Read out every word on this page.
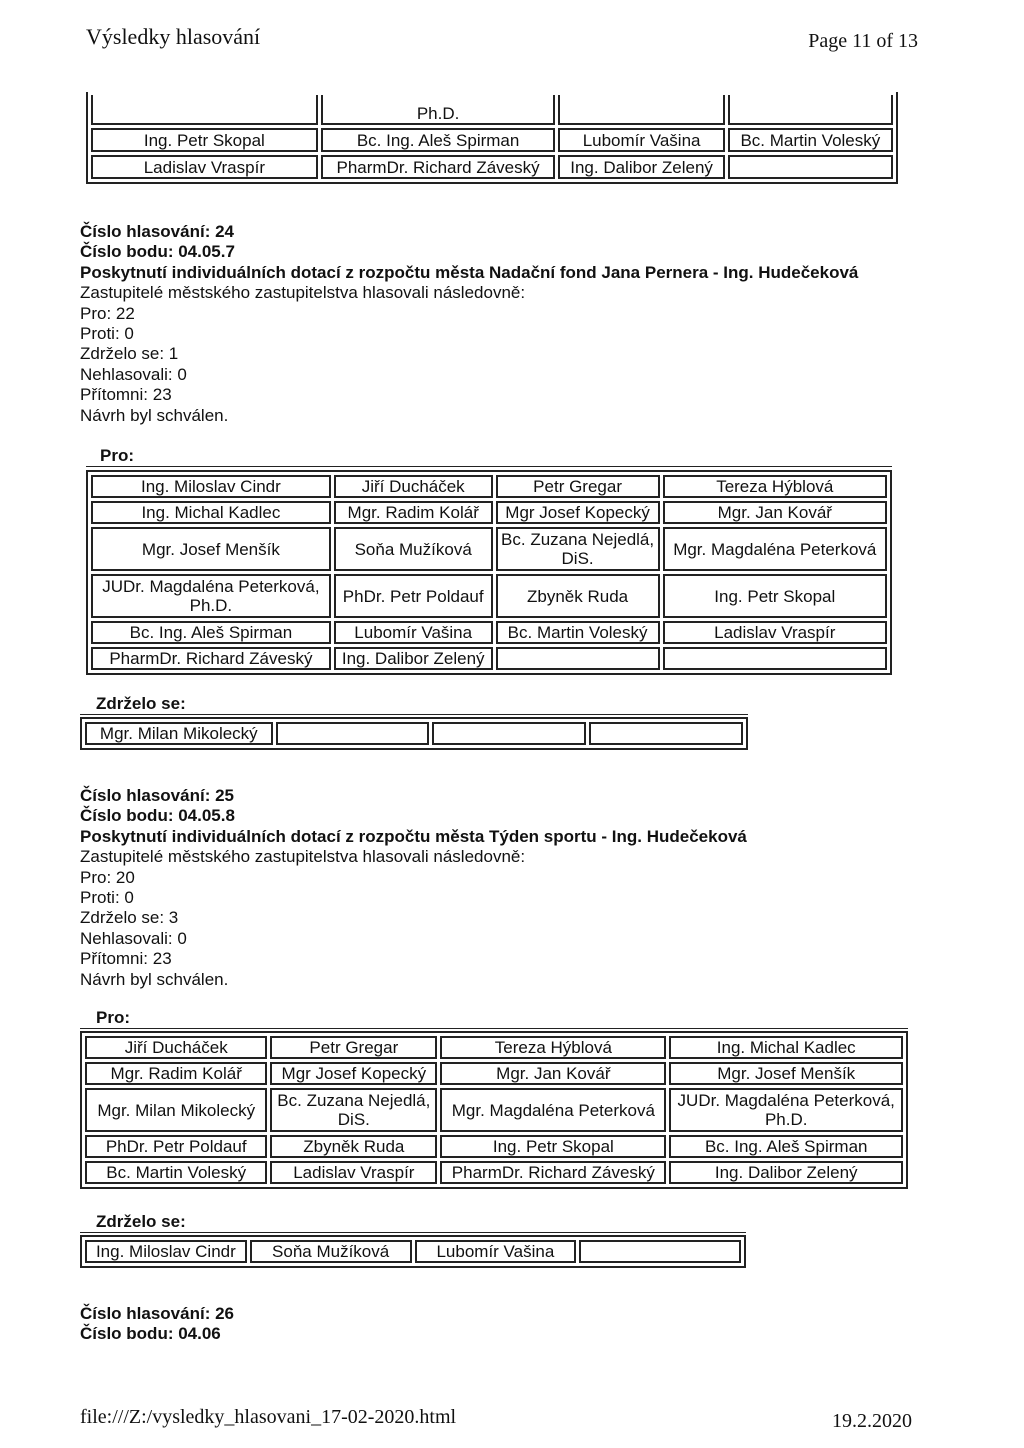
Výsledky hlasování	Page 11 of 13

	Ph.D.		

Ing. Petr Skopal	Bc. Ing. Aleš Spirman	Lubomír Vašina	Bc. Martin Voleský

Ladislav Vraspír	PharmDr. Richard Záveský	Ing. Dalibor Zelený	

Číslo hlasování: 24
Číslo bodu: 04.05.7
Poskytnutí individuálních dotací z rozpočtu města Nadační fond Jana Pernera - Ing. Hudečeková
Zastupitelé městského zastupitelstva hlasovali následovně:
Pro: 22
Proti: 0
Zdrželo se: 1
Nehlasovali: 0
Přítomni: 23
Návrh byl schválen.
Pro:
Ing. Miloslav Cindr	Jiří Ducháček	Petr Gregar	Tereza Hýblová

Ing. Michal Kadlec	Mgr. Radim Kolář	Mgr Josef Kopecký	Mgr. Jan Kovář

Mgr. Josef Menšík	Soňa Mužíková	Bc. Zuzana Nejedlá, DiS.	Mgr. Magdaléna Peterková

JUDr. Magdaléna Peterková, Ph.D.	PhDr. Petr Poldauf	Zbyněk Ruda	Ing. Petr Skopal

Bc. Ing. Aleš Spirman	Lubomír Vašina	Bc. Martin Voleský	Ladislav Vraspír

PharmDr. Richard Záveský	Ing. Dalibor Zelený		

Zdrželo se:
Mgr. Milan Mikolecký

Číslo hlasování: 25
Číslo bodu: 04.05.8
Poskytnutí individuálních dotací z rozpočtu města Týden sportu - Ing. Hudečeková
Zastupitelé městského zastupitelstva hlasovali následovně:
Pro: 20
Proti: 0
Zdrželo se: 3
Nehlasovali: 0
Přítomni: 23
Návrh byl schválen.
Pro:
Jiří Ducháček	Petr Gregar	Tereza Hýblová	Ing. Michal Kadlec

Mgr. Radim Kolář	Mgr Josef Kopecký	Mgr. Jan Kovář	Mgr. Josef Menšík

Mgr. Milan Mikolecký	Bc. Zuzana Nejedlá, DiS.	Mgr. Magdaléna Peterková	JUDr. Magdaléna Peterková, Ph.D.

PhDr. Petr Poldauf	Zbyněk Ruda	Ing. Petr Skopal	Bc. Ing. Aleš Spirman

Bc. Martin Voleský	Ladislav Vraspír	PharmDr. Richard Záveský	Ing. Dalibor Zelený
Zdrželo se:
Ing. Miloslav Cindr	Soňa Mužíková	Lubomír Vašina

Číslo hlasování: 26
Číslo bodu: 04.06
file:///Z:/vysledky_hlasovani_17-02-2020.html	19.2.2020
